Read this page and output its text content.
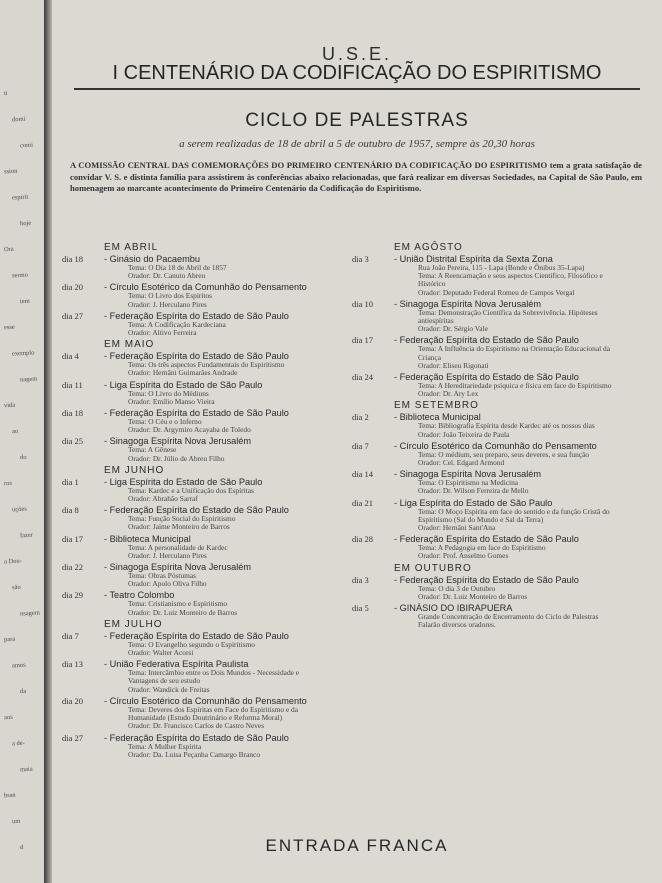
ti
domi
comi
ssion
espirit
hoje
Ora
sermo
tem
esse
exemplo
nagem
vida
ao
do
ros
uções
fazer
a Dou-
são
nsagem
para
amos
da
aos
a de-
maia
bran
um
d
U.S.E.
I CENTENÁRIO DA CODIFICAÇÃO DO ESPIRITISMO
CICLO DE PALESTRAS
a serem realizadas de 18 de abril a 5 de outubro de 1957, sempre às 20,30 horas
A COMISSÃO CENTRAL DAS COMEMORAÇÕES DO PRIMEIRO CENTENÁRIO DA CODIFICAÇÃO DO ESPIRITISMO tem a grata satisfação de convidar V. S. e distinta família para assistirem às conferências abaixo relacionadas, que fará realizar em diversas Sociedades, na Capital de São Paulo, em homenagem ao marcante acontecimento do Primeiro Centenário da Codificação do Espiritismo.
EM ABRIL
dia 18	- Ginásio do Pacaembu
Tema: O Dia 18 de Abril de 1857
Orador: Dr. Canuto Abreu
dia 20	- Círculo Esotérico da Comunhão do Pensamento
Tema: O Livro dos Espíritos
Orador: J. Herculano Pires
dia 27	- Federação Espírita do Estado de São Paulo
Tema: A Codificação Kardeciana
Orador: Altivo Ferreira
EM MAIO
dia 4	- Federação Espírita do Estado de São Paulo
Tema: Os três aspectos Fundamentais do Espiritismo
Orador: Hernâni Guimarães Andrade
dia 11	- Liga Espírita do Estado de São Paulo
Tema: O Livro do Médiuns
Orador: Emílio Manso Vieira
dia 18	- Federação Espírita do Estado de São Paulo
Tema: O Céu e o Inferno
Orador: Dr. Argymiro Acayaba de Toledo
dia 25	- Sinagoga Espírita Nova Jerusalém
Tema: A Gênese
Orador: Dr. Júlio de Abreu Filho
EM JUNHO
dia 1	- Liga Espírita do Estado de São Paulo
Tema: Kardec e a Unificação dos Espíritas
Orador: Abrahão Sarraf
dia 8	- Federação Espírita do Estado de São Paulo
Tema: Função Social do Espiritismo
Orador: Jaime Monteiro de Barros
dia 17	- Biblioteca Municipal
Tema: A personalidade de Kardec
Orador: J. Herculano Pires
dia 22	- Sinagoga Espírita Nova Jerusalém
Tema: Obras Póstumas
Orador: Apolo Oliva Filho
dia 29	- Teatro Colombo
Tema: Cristianismo e Espiritismo
Orador: Dr. Luiz Monteiro de Barros
EM JULHO
dia 7	- Federação Espírita do Estado de São Paulo
Tema: O Evangelho segundo o Espiritismo
Orador: Walter Acorsi
dia 13	- União Federativa Espírita Paulista
Tema: Intercâmbio entre os Dois Mundos - Necessidade e Vantagens de seu estudo
Orador: Wandick de Freitas
dia 20	- Círculo Esotérico da Comunhão do Pensamento
Tema: Deveres dos Espíritas em Face do Espiritismo e da Humanidade (Estudo Doutrinário e Reforma Moral)
Orador: Dr. Francisco Carlos de Castro Neves
dia 27	- Federação Espírita do Estado de São Paulo
Tema: A Mulher Espírita
Orador: Da. Luisa Peçanha Camargo Branco
EM AGÔSTO
dia 3	- União Distrital Espírita da Sexta Zona
Rua João Pereira, 115 - Lapa (Bonde e Ônibus 35-Lapa)
Tema: A Reencarnação e seus aspectos Científico, Filosófico e Histórico
Orador: Deputado Federal Romeu de Campos Vergal
dia 10	- Sinagoga Espírita Nova Jerusalém
Tema: Demonstração Científica da Sobrevivência. Hipóteses antiespíritas
Orador: Dr. Sérgio Vale
dia 17	- Federação Espírita do Estado de São Paulo
Tema: A Influência do Espiritismo na Orientação Educacional da Criança
Orador: Eliseu Rigonati
dia 24	- Federação Espírita do Estado de São Paulo
Tema: A Hereditariedade psíquica e física em face do Espiritismo
Orador: Dr. Ary Lex
EM SETEMBRO
dia 2	- Biblioteca Municipal
Tema: Bibliografia Espírita desde Kardec até os nossos dias
Orador: João Teixeira de Paula
dia 7	- Círculo Esotérico da Comunhão do Pensamento
Tema: O médium, seu preparo, seus deveres, e sua função
Orador: Cel. Edgard Armond
dia 14	- Sinagoga Espírita Nova Jerusalém
Tema: O Espiritismo na Medicina
Orador: Dr. Wilson Ferreira de Mello
dia 21	- Liga Espírita do Estado de São Paulo
Tema: O Moço Espírita em face do sentido e da função Cristã do Espiritismo (Sal do Mundo e Sal da Terra)
Orador: Hernâni Sant'Ana
dia 28	- Federação Espírita do Estado de São Paulo
Tema: A Pedagogia em face do Espiritismo
Orador: Prof. Anselmo Gomes
EM OUTUBRO
dia 3	- Federação Espírita do Estado de São Paulo
Tema: O dia 3 de Outubro
Orador: Dr. Luiz Monteiro de Barros
dia 5	- GINÁSIO DO IBIRAPUERA
Grande Concentração de Encerramento do Ciclo de Palestras
Falarão diversos oradores.
ENTRADA FRANCA
